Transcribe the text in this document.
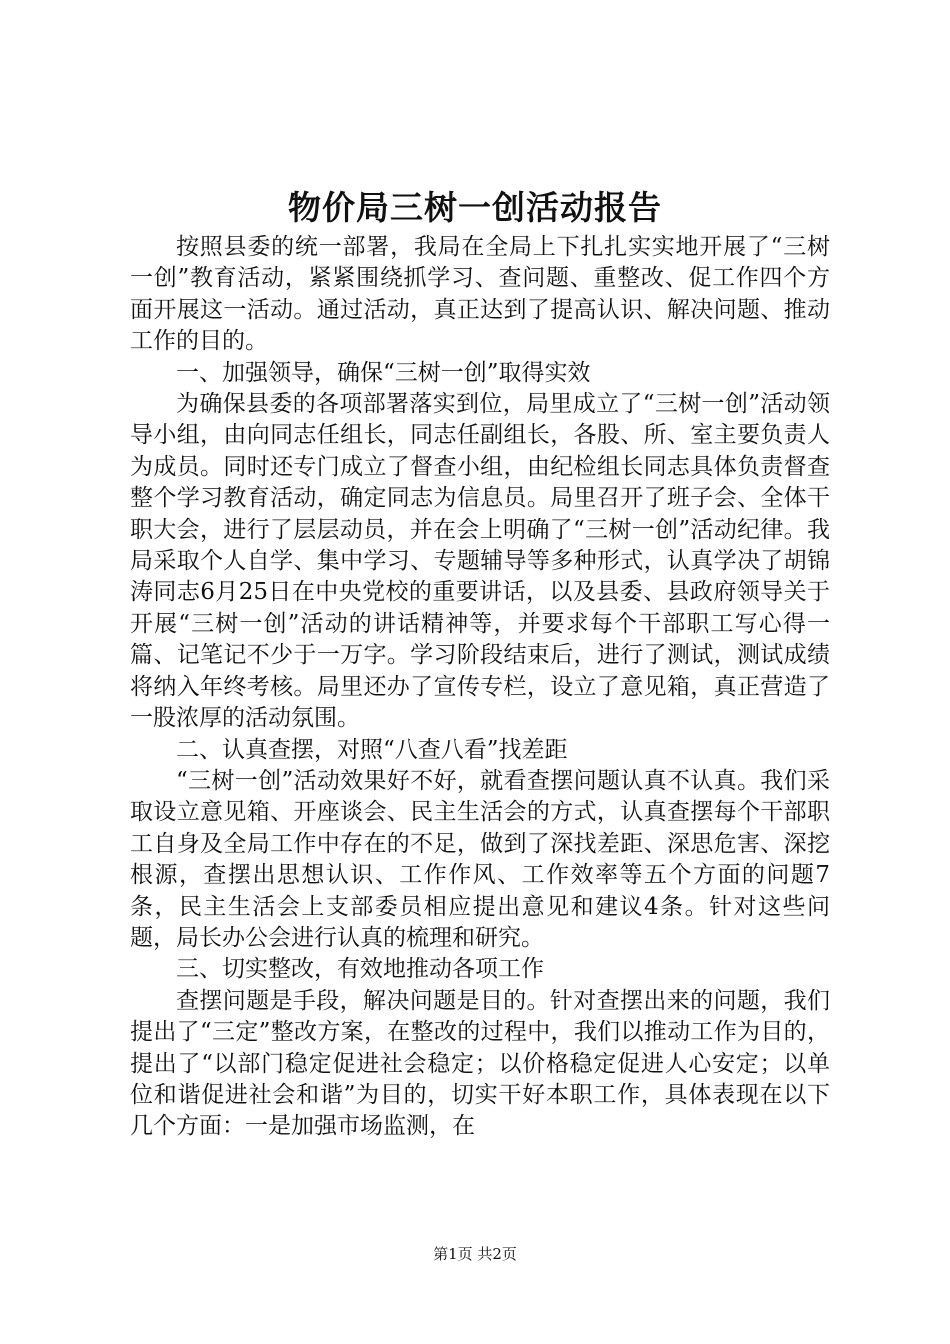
物价局三树一创活动报告

按照县委的统一部署，我局在全局上下扎扎实实地开展了“三树一创”教育活动，紧紧围绕抓学习、查问题、重整改、促工作四个方面开展这一活动。通过活动，真正达到了提高认识、解决问题、推动工作的目的。

一、加强领导，确保“三树一创”取得实效

为确保县委的各项部署落实到位，局里成立了“三树一创”活动领导小组，由向同志任组长，同志任副组长，各股、所、室主要负责人为成员。同时还专门成立了督查小组，由纪检组长同志具体负责督查整个学习教育活动，确定同志为信息员。局里召开了班子会、全体干职大会，进行了层层动员，并在会上明确了“三树一创”活动纪律。我局采取个人自学、集中学习、专题辅导等多种形式，认真学决了胡锦涛同志6月25日在中央党校的重要讲话，以及县委、县政府领导关于开展“三树一创”活动的讲话精神等，并要求每个干部职工写心得一篇、记笔记不少于一万字。学习阶段结束后，进行了测试，测试成绩将纳入年终考核。局里还办了宣传专栏，设立了意见箱，真正营造了一股浓厚的活动氛围。

二、认真查摆，对照“八查八看”找差距

“三树一创”活动效果好不好，就看查摆问题认真不认真。我们采取设立意见箱、开座谈会、民主生活会的方式，认真查摆每个干部职工自身及全局工作中存在的不足，做到了深找差距、深思危害、深挖根源，查摆出思想认识、工作作风、工作效率等五个方面的问题7条，民主生活会上支部委员相应提出意见和建议4条。针对这些问题，局长办公会进行认真的梳理和研究。

三、切实整改，有效地推动各项工作

查摆问题是手段，解决问题是目的。针对查摆出来的问题，我们提出了“三定”整改方案，在整改的过程中，我们以推动工作为目的，提出了“以部门稳定促进社会稳定；以价格稳定促进人心安定；以单位和谐促进社会和谐”为目的，切实干好本职工作，具体表现在以下几个方面：一是加强市场监测，在

第1页 共2页
